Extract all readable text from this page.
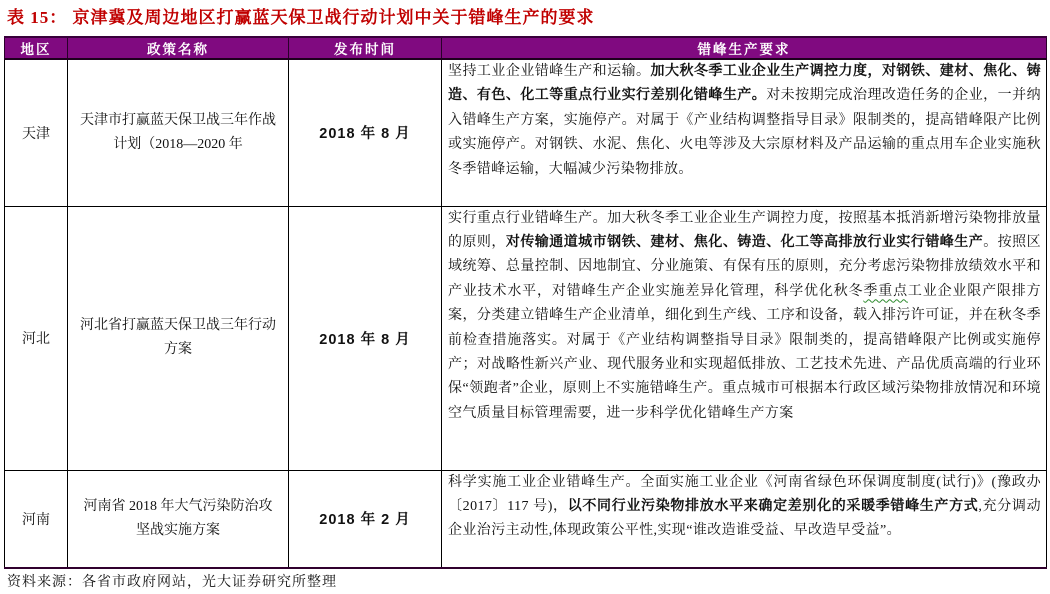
表 15： 京津冀及周边地区打赢蓝天保卫战行动计划中关于错峰生产的要求
地区	政策名称	发布时间	错峰生产要求
天津	天津市打赢蓝天保卫战三年作战计划（2018—2020 年	2018 年 8 月	坚持工业企业错峰生产和运输。加大秋冬季工业企业生产调控力度，对钢铁、建材、焦化、铸造、有色、化工等重点行业实行差别化错峰生产。对未按期完成治理改造任务的企业，一并纳入错峰生产方案，实施停产。对属于《产业结构调整指导目录》限制类的，提高错峰限产比例或实施停产。对钢铁、水泥、焦化、火电等涉及大宗原材料及产品运输的重点用车企业实施秋冬季错峰运输，大幅减少污染物排放。
河北	河北省打赢蓝天保卫战三年行动方案	2018 年 8 月	实行重点行业错峰生产。加大秋冬季工业企业生产调控力度，按照基本抵消新增污染物排放量的原则，对传输通道城市钢铁、建材、焦化、铸造、化工等高排放行业实行错峰生产。按照区域统筹、总量控制、因地制宜、分业施策、有保有压的原则，充分考虑污染物排放绩效水平和产业技术水平，对错峰生产企业实施差异化管理，科学优化秋冬季重点工业企业限产限排方案，分类建立错峰生产企业清单，细化到生产线、工序和设备，载入排污许可证，并在秋冬季前检查措施落实。对属于《产业结构调整指导目录》限制类的，提高错峰限产比例或实施停产；对战略性新兴产业、现代服务业和实现超低排放、工艺技术先进、产品优质高端的行业环保“领跑者”企业，原则上不实施错峰生产。重点城市可根据本行政区域污染物排放情况和环境空气质量目标管理需要，进一步科学优化错峰生产方案
河南	河南省 2018 年大气污染防治攻坚战实施方案	2018 年 2 月	科学实施工业企业错峰生产。全面实施工业企业《河南省绿色环保调度制度(试行)》(豫政办〔2017〕117 号)，以不同行业污染物排放水平来确定差别化的采暖季错峰生产方式,充分调动企业治污主动性,体现政策公平性,实现“谁改造谁受益、早改造早受益”。
资料来源：各省市政府网站，光大证券研究所整理
